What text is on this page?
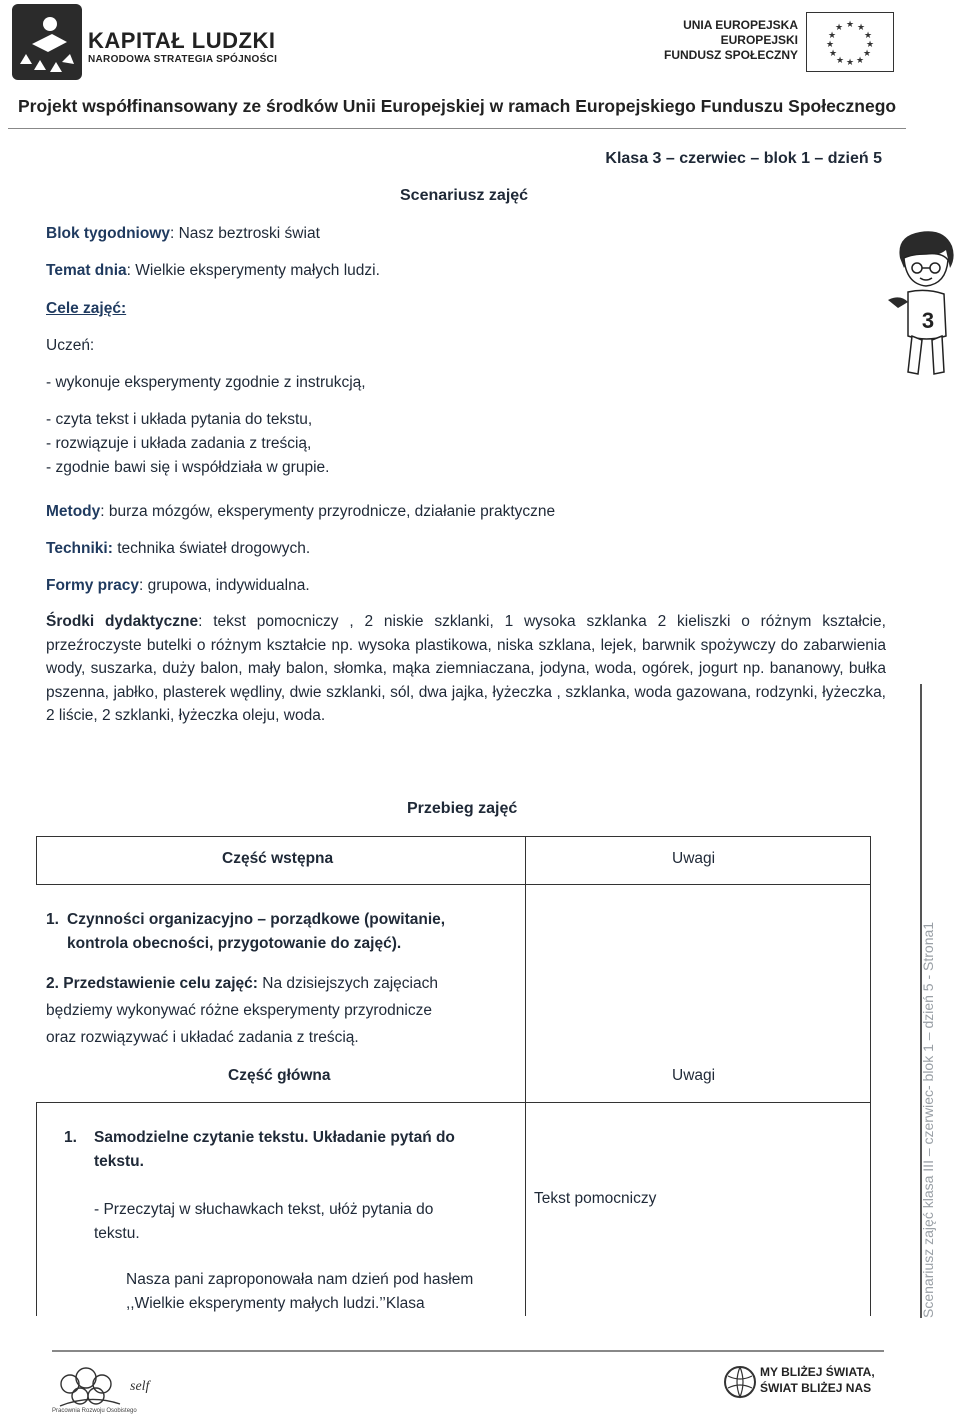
KAPITAŁ LUDZKI
NARODOWA STRATEGIA SPÓJNOŚCI
UNIA EUROPEJSKA
EUROPEJSKI
FUNDUSZ SPOŁECZNY
★ ★
★
★
★
★
★
★
★
★
★
★
Projekt współfinansowany ze środków Unii Europejskiej w ramach Europejskiego Funduszu Społecznego
Klasa 3 – czerwiec – blok 1 – dzień 5
Scenariusz zajęć
3
Blok tygodniowy: Nasz beztroski świat
Temat dnia: Wielkie eksperymenty małych ludzi.
Cele zajęć:
Uczeń:
- wykonuje eksperymenty zgodnie z instrukcją,
- czyta tekst i układa pytania do tekstu,
- rozwiązuje i układa zadania z treścią,
- zgodnie bawi się i współdziała w grupie.
Metody: burza mózgów, eksperymenty przyrodnicze, działanie praktyczne
Techniki: technika świateł drogowych.
Formy pracy: grupowa, indywidualna.
Środki dydaktyczne: tekst pomocniczy , 2 niskie szklanki, 1 wysoka szklanka 2 kieliszki o różnym kształcie, przeźroczyste butelki o różnym kształcie np. wysoka plastikowa, niska szklana, lejek, barwnik spożywczy do zabarwienia wody, suszarka, duży balon, mały balon, słomka, mąka ziemniaczana, jodyna, woda, ogórek, jogurt np. bananowy, bułka pszenna, jabłko, plasterek wędliny, dwie szklanki, sól, dwa jajka, łyżeczka , szklanka, woda gazowana, rodzynki, łyżeczka, 2 liście, 2 szklanki, łyżeczka oleju, woda.
Przebieg zajęć
Część wstępna	Uwagi
1. Czynności organizacyjno – porządkowe (powitanie,
kontrola obecności, przygotowanie do zajęć).
2. Przedstawienie celu zajęć: Na dzisiejszych zajęciach
będziemy wykonywać różne eksperymenty przyrodnicze
oraz rozwiązywać i układać zadania z treścią.
Część główna	Uwagi
1. Samodzielne czytanie tekstu. Układanie pytań do
tekstu.
- Przeczytaj w słuchawkach tekst, ułóż pytania do
tekstu.
Nasza pani zaproponowała nam dzień pod hasłem
,,Wielkie eksperymenty małych ludzi.’’Klasa
Tekst pomocniczy	Scenariusz zajęć klasa III – czerwiec- blok 1 – dzień 5 - Strona1
self
Pracownia Rozwoju Osobistego
MY BLIŻEJ ŚWIATA,
ŚWIAT BLIŻEJ NAS
